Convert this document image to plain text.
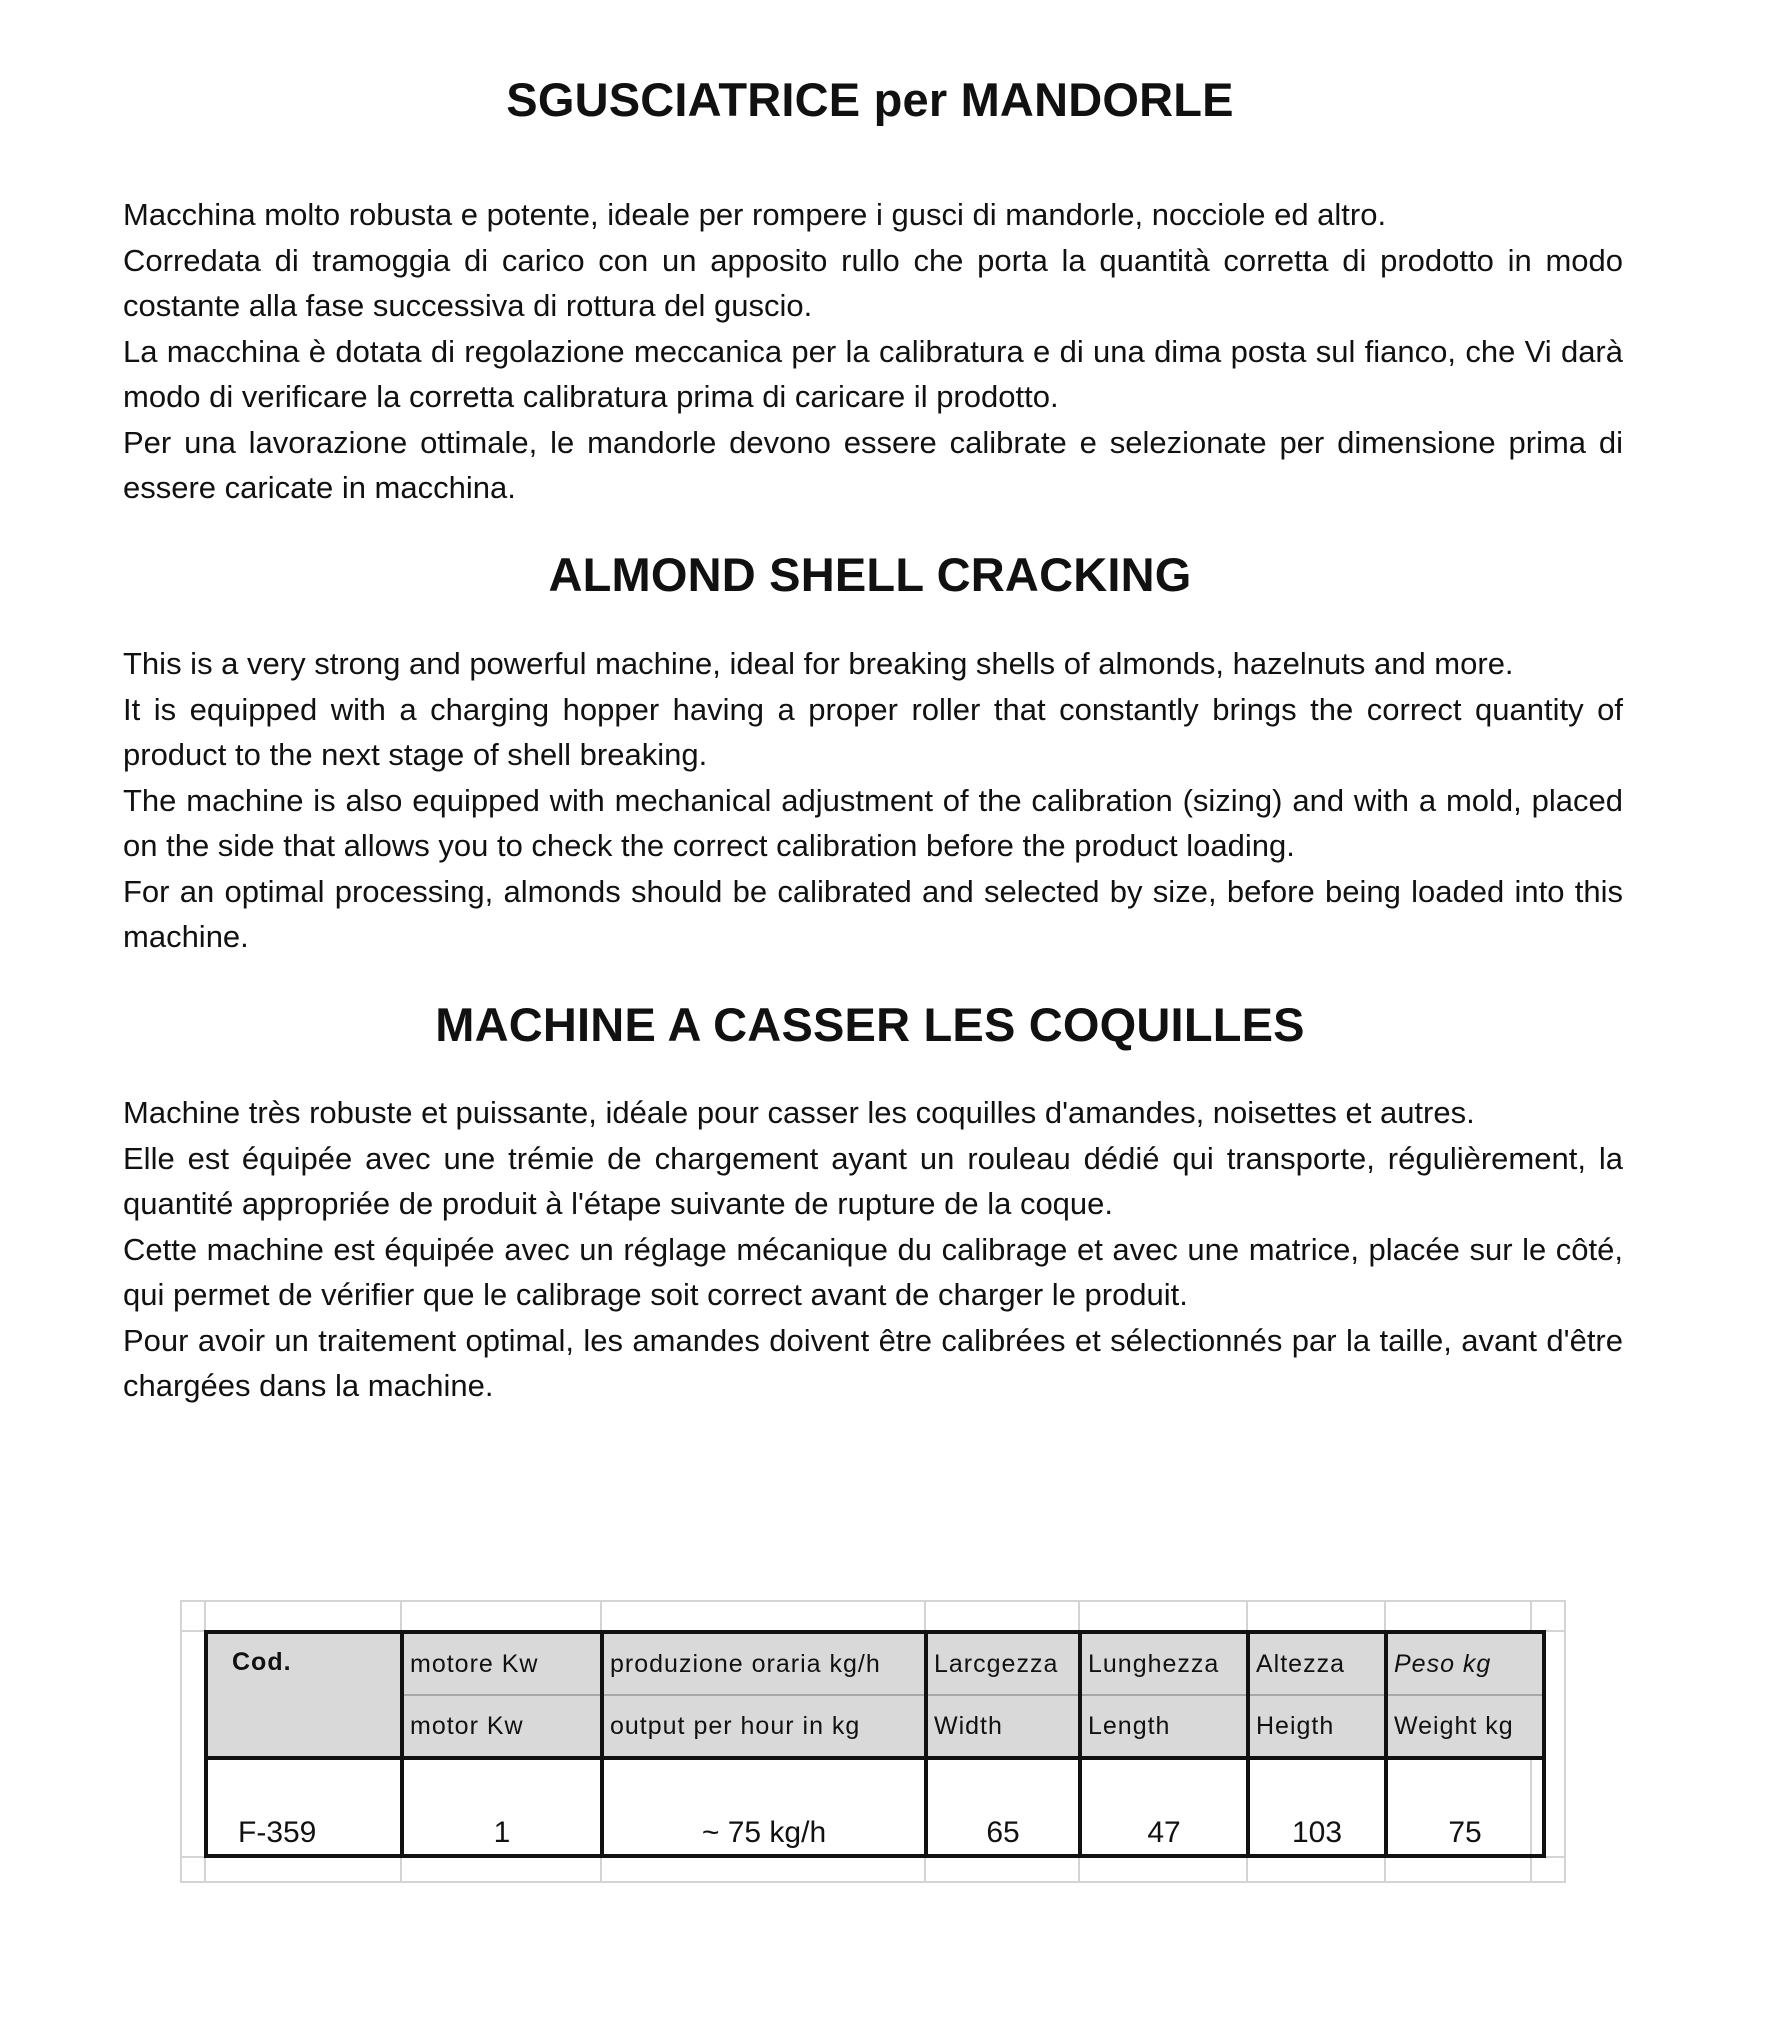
SGUSCIATRICE per MANDORLE

Macchina molto robusta e potente, ideale per rompere i gusci di mandorle, nocciole ed altro.

Corredata di tramoggia di carico con un apposito rullo che porta la quantità corretta di prodotto in modo costante alla fase successiva di rottura del guscio.

La macchina è dotata di regolazione meccanica per la calibratura e di una dima posta sul fianco, che Vi darà modo di verificare la corretta calibratura prima di caricare il prodotto.

Per una lavorazione ottimale, le mandorle devono essere calibrate e selezionate per dimensione prima di essere caricate in macchina.

ALMOND SHELL CRACKING

This is a very strong and powerful machine, ideal for breaking shells of almonds, hazelnuts and more.

It is equipped with a charging hopper having a proper roller that constantly brings the correct quantity of product to the next stage of shell breaking.

The machine is also equipped with mechanical adjustment of the calibration (sizing) and with a mold, placed on the side that allows you to check the correct calibration before the product loading.

For an optimal processing, almonds should be calibrated and selected by size, before being loaded into this machine.

MACHINE A CASSER LES COQUILLES

Machine très robuste et puissante, idéale pour casser les coquilles d'amandes, noisettes et autres.

Elle est équipée avec une trémie de chargement ayant un rouleau dédié qui transporte, régulièrement, la quantité appropriée de produit à l'étape suivante de rupture de la coque.

Cette machine est équipée avec un réglage mécanique du calibrage et avec une matrice, placée sur le côté, qui permet de vérifier que le calibrage soit correct avant de charger le produit.

Pour avoir un traitement optimal, les amandes doivent être calibrées et sélectionnés par la taille, avant d'être chargées dans la machine.

Cod.	motore Kw	produzione oraria kg/h	Larcgezza	Lunghezza	Altezza	Peso kg
	motor Kw	output per hour in kg	Width	Length	Heigth	Weight kg
F-359	1	~ 75 kg/h	65	47	103	75
